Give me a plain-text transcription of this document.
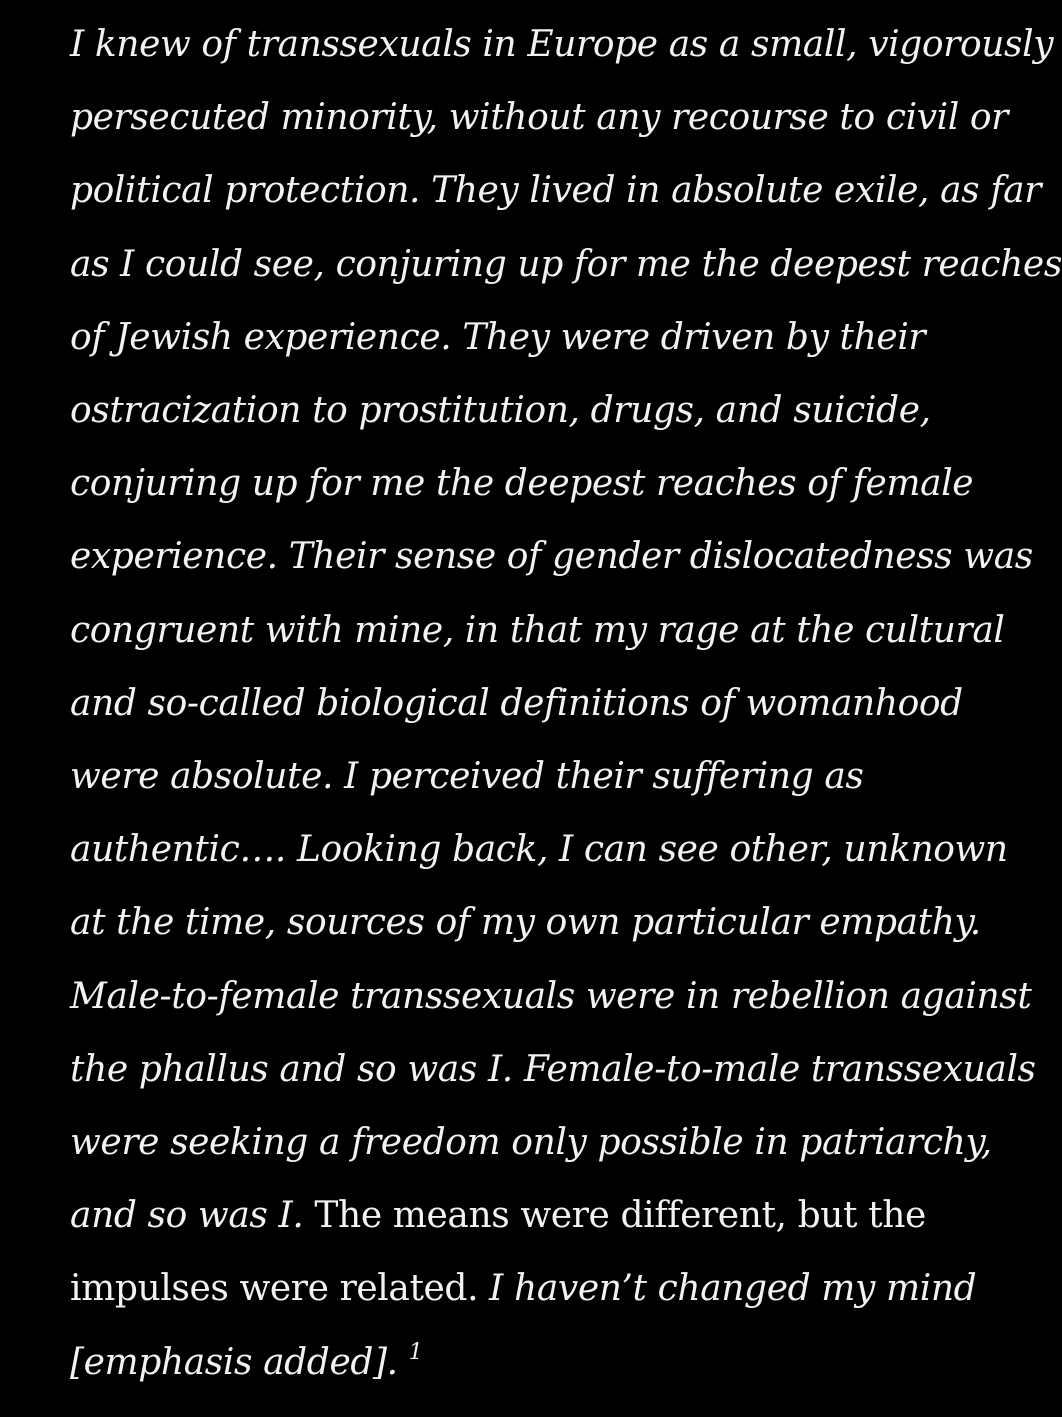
I knew of transsexuals in Europe as a small, vigorously
persecuted minority, without any recourse to civil or
political protection. They lived in absolute exile, as far
as I could see, conjuring up for me the deepest reaches
of Jewish experience. They were driven by their
ostracization to prostitution, drugs, and suicide,
conjuring up for me the deepest reaches of female
experience. Their sense of gender dislocatedness was
congruent with mine, in that my rage at the cultural
and so-called biological definitions of womanhood
were absolute. I perceived their suffering as
authentic…. Looking back, I can see other, unknown
at the time, sources of my own particular empathy.
Male-to-female transsexuals were in rebellion against
the phallus and so was I. Female-to-male transsexuals
were seeking a freedom only possible in patriarchy,
and so was I. The means were different, but the
impulses were related. I haven’t changed my mind
[emphasis added]. $^1$
